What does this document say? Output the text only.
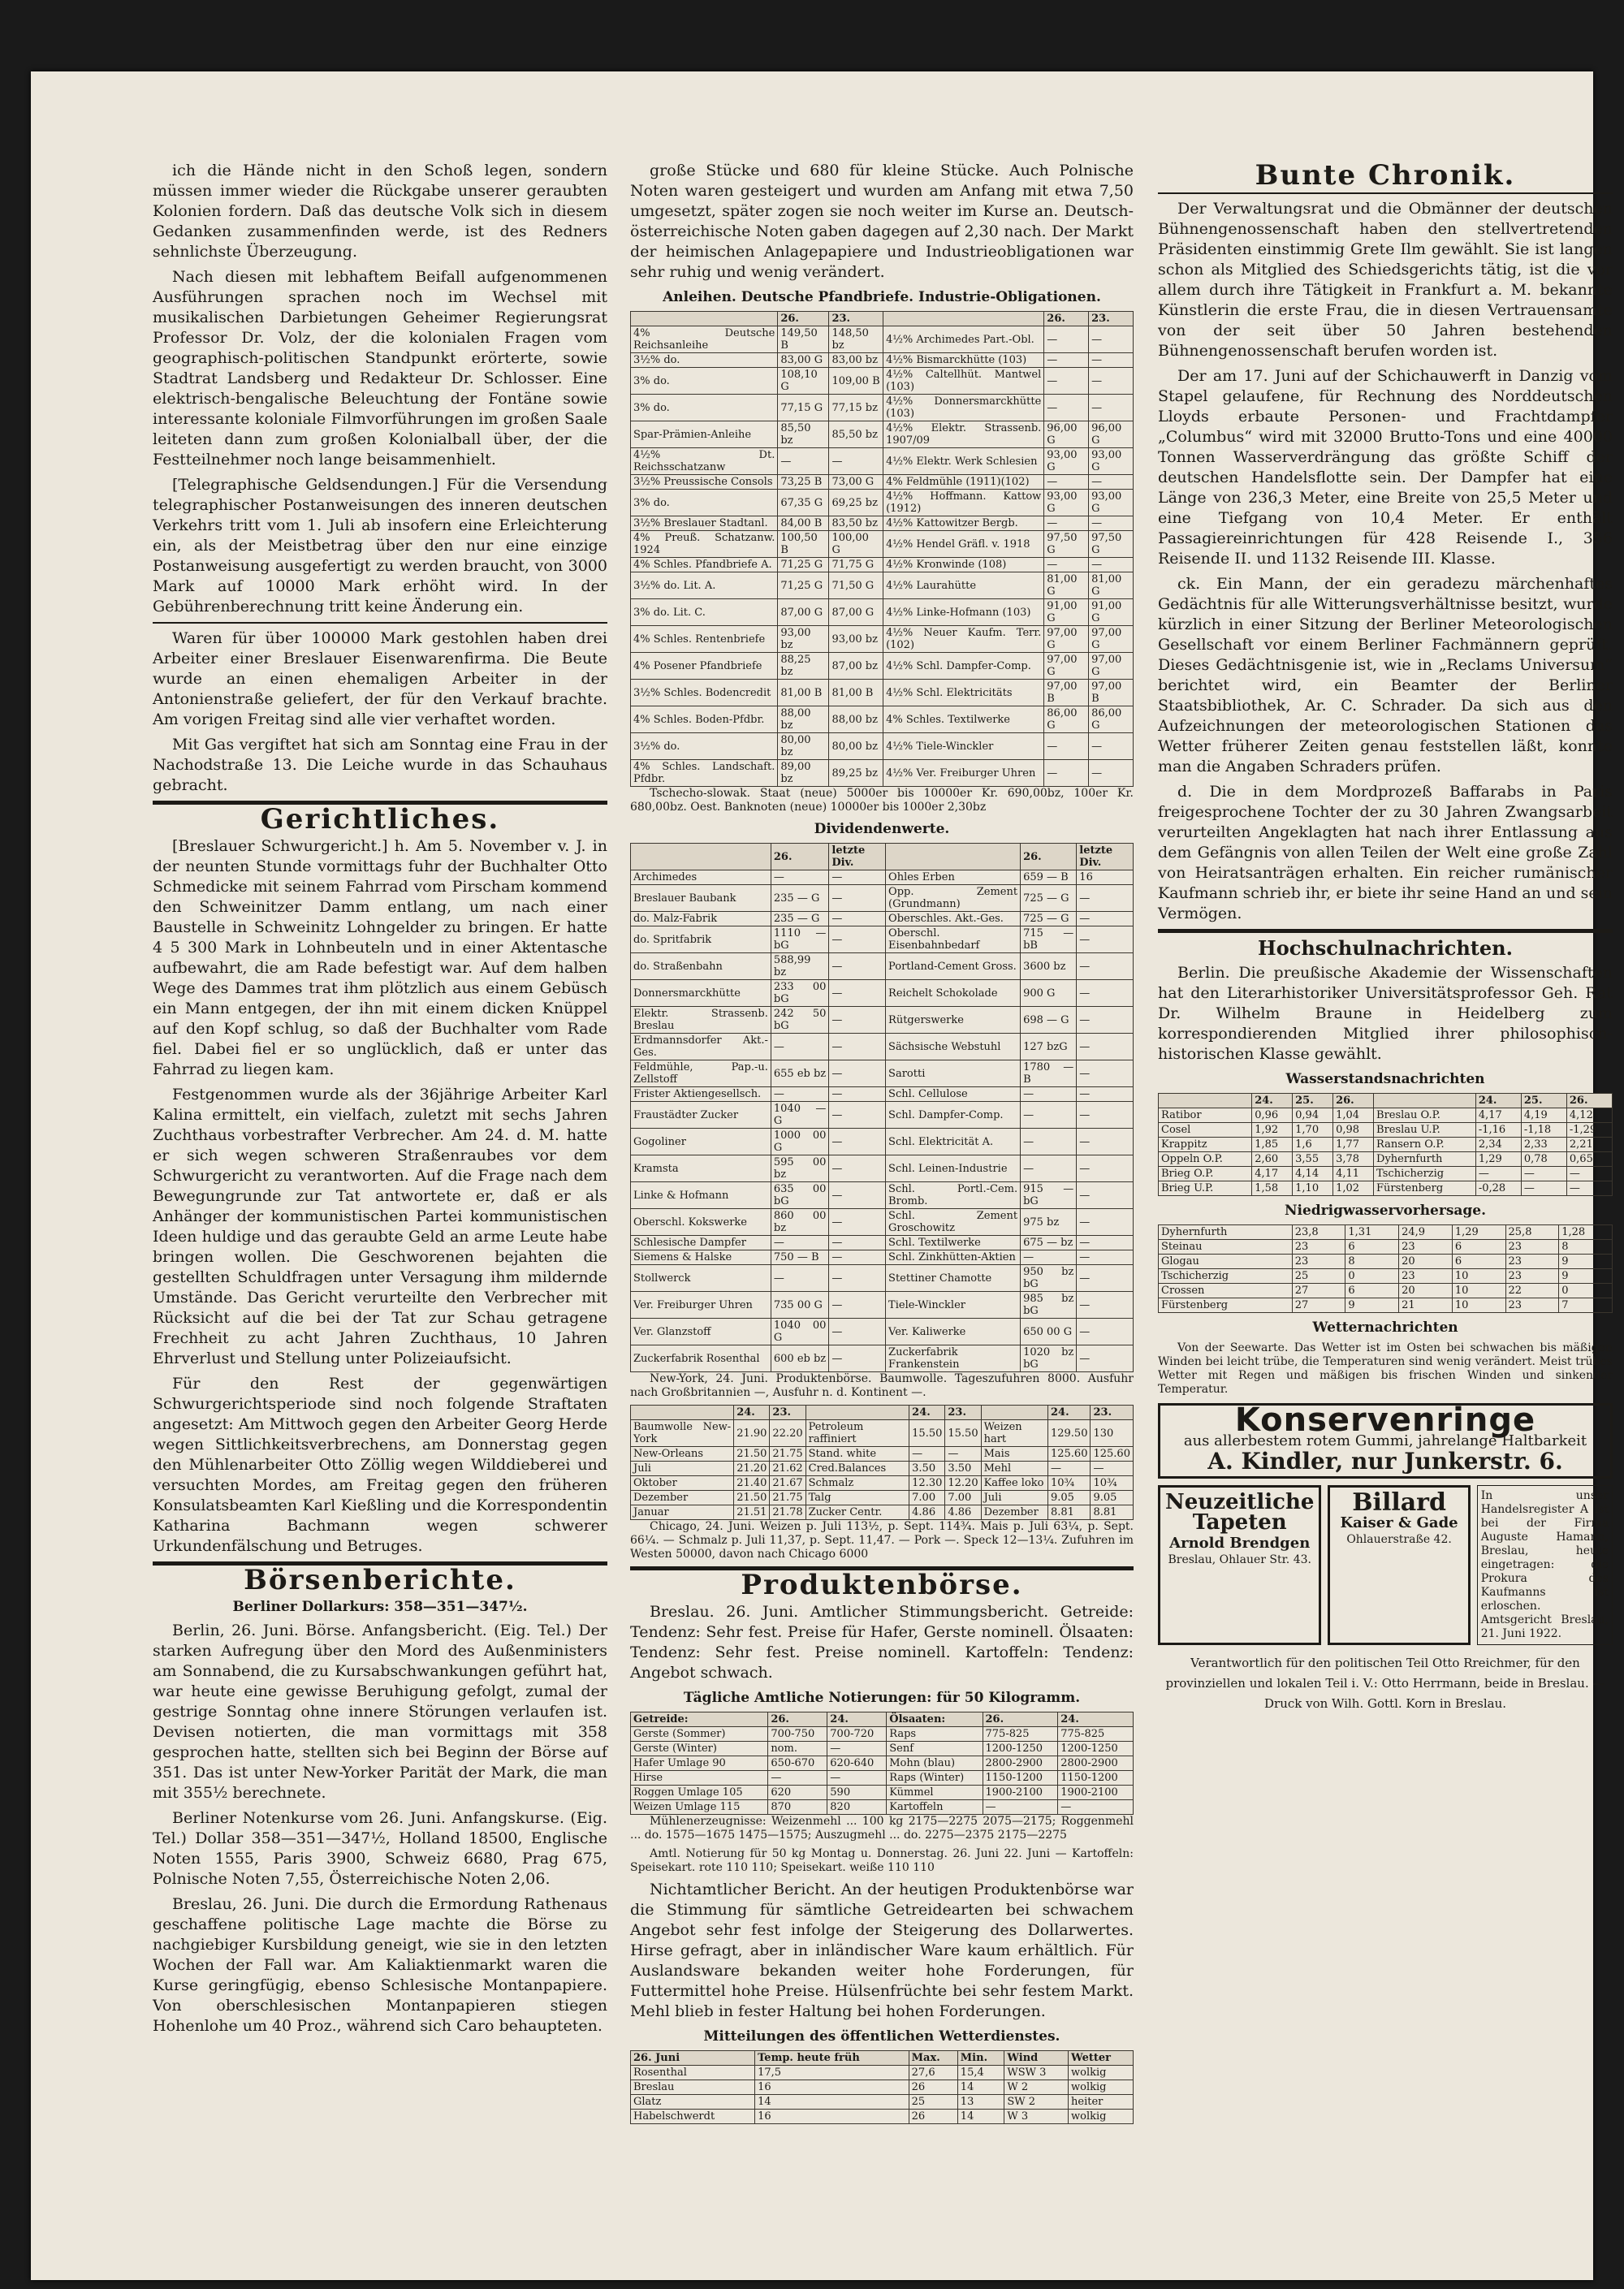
ich die Hände nicht in den Schoß legen, sondern müssen immer wieder die Rückgabe unserer geraubten Kolonien fordern. Daß das deutsche Volk sich in diesem Gedanken zusammenfinden werde, ist des Redners sehnlichste Überzeugung.

Nach diesen mit lebhaftem Beifall aufgenommenen Ausführungen sprachen noch im Wechsel mit musikalischen Darbietungen Geheimer Regierungsrat Professor Dr. Volz, der die kolonialen Fragen vom geographisch-politischen Standpunkt erörterte, sowie Stadtrat Landsberg und Redakteur Dr. Schlosser. Eine elektrisch-bengalische Beleuchtung der Fontäne sowie interessante koloniale Filmvorführungen im großen Saale leiteten dann zum großen Kolonialball über, der die Festteilnehmer noch lange beisammenhielt.

[Telegraphische Geldsendungen.] Für die Versendung telegraphischer Postanweisungen des inneren deutschen Verkehrs tritt vom 1. Juli ab insofern eine Erleichterung ein, als der Meistbetrag über den nur eine einzige Postanweisung ausgefertigt zu werden braucht, von 3000 Mark auf 10000 Mark erhöht wird. In der Gebührenberechnung tritt keine Änderung ein.

Waren für über 100000 Mark gestohlen haben drei Arbeiter einer Breslauer Eisenwarenfirma. Die Beute wurde an einen ehemaligen Arbeiter in der Antonienstraße geliefert, der für den Verkauf brachte. Am vorigen Freitag sind alle vier verhaftet worden.

Mit Gas vergiftet hat sich am Sonntag eine Frau in der Nachodstraße 13. Die Leiche wurde in das Schauhaus gebracht.

Gerichtliches.

[Breslauer Schwurgericht.] h. Am 5. November v. J. in der neunten Stunde vormittags fuhr der Buchhalter Otto Schmedicke mit seinem Fahrrad vom Pirscham kommend den Schweinitzer Damm entlang, um nach einer Baustelle in Schweinitz Lohngelder zu bringen. Er hatte 4 5 300 Mark in Lohnbeuteln und in einer Aktentasche aufbewahrt, die am Rade befestigt war. Auf dem halben Wege des Dammes trat ihm plötzlich aus einem Gebüsch ein Mann entgegen, der ihn mit einem dicken Knüppel auf den Kopf schlug, so daß der Buchhalter vom Rade fiel. Dabei fiel er so unglücklich, daß er unter das Fahrrad zu liegen kam.

Festgenommen wurde als der 36jährige Arbeiter Karl Kalina ermittelt, ein vielfach, zuletzt mit sechs Jahren Zuchthaus vorbestrafter Verbrecher. Am 24. d. M. hatte er sich wegen schweren Straßenraubes vor dem Schwurgericht zu verantworten. Auf die Frage nach dem Bewegungrunde zur Tat antwortete er, daß er als Anhänger der kommunistischen Partei kommunistischen Ideen huldige und das geraubte Geld an arme Leute habe bringen wollen. Die Geschworenen bejahten die gestellten Schuldfragen unter Versagung ihm mildernde Umstände. Das Gericht verurteilte den Verbrecher mit Rücksicht auf die bei der Tat zur Schau getragene Frechheit zu acht Jahren Zuchthaus, 10 Jahren Ehrverlust und Stellung unter Polizeiaufsicht.

Für den Rest der gegenwärtigen Schwurgerichtsperiode sind noch folgende Straftaten angesetzt: Am Mittwoch gegen den Arbeiter Georg Herde wegen Sittlichkeitsverbrechens, am Donnerstag gegen den Mühlenarbeiter Otto Zöllig wegen Wilddieberei und versuchten Mordes, am Freitag gegen den früheren Konsulatsbeamten Karl Kießling und die Korrespondentin Katharina Bachmann wegen schwerer Urkundenfälschung und Betruges.

Börsenberichte.
Berliner Dollarkurs: 358—351—347½.

Berlin, 26. Juni. Börse. Anfangsbericht. (Eig. Tel.) Der starken Aufregung über den Mord des Außenministers am Sonnabend, die zu Kursabschwankungen geführt hat, war heute eine gewisse Beruhigung gefolgt, zumal der gestrige Sonntag ohne innere Störungen verlaufen ist. Devisen notierten, die man vormittags mit 358 gesprochen hatte, stellten sich bei Beginn der Börse auf 351. Das ist unter New-Yorker Parität der Mark, die man mit 355½ berechnete.

Berliner Notenkurse vom 26. Juni. Anfangskurse. (Eig. Tel.) Dollar 358—351—347½, Holland 18500, Englische Noten 1555, Paris 3900, Schweiz 6680, Prag 675, Polnische Noten 7,55, Österreichische Noten 2,06.

Breslau, 26. Juni. Die durch die Ermordung Rathenaus geschaffene politische Lage machte die Börse zu nachgiebiger Kursbildung geneigt, wie sie in den letzten Wochen der Fall war. Am Kaliaktienmarkt waren die Kurse geringfügig, ebenso Schlesische Montanpapiere. Von oberschlesischen Montanpapieren stiegen Hohenlohe um 40 Proz., während sich Caro behaupteten.

große Stücke und 680 für kleine Stücke. Auch Polnische Noten waren gesteigert und wurden am Anfang mit etwa 7,50 umgesetzt, später zogen sie noch weiter im Kurse an. Deutsch-österreichische Noten gaben dagegen auf 2,30 nach. Der Markt der heimischen Anlagepapiere und Industrieobligationen war sehr ruhig und wenig verändert.

Anleihen. Deutsche Pfandbriefe. Industrie-Obligationen.
	26.	23.		26.	23.
4% Deutsche Reichsanleihe	149,50 B	148,50 bz	4½% Archimedes Part.-Obl.	—	—
3½% do.	83,00 G	83,00 bz	4½% Bismarckhütte (103)	—	—
3% do.	108,10 G	109,00 B	4½% Caltellhüt. Mantwel (103)	—	—
3% do.	77,15 G	77,15 bz	4½% Donnersmarckhütte (103)	—	—
Spar-Prämien-Anleihe	85,50 bz	85,50 bz	4½% Elektr. Strassenb. 1907/09	96,00 G	96,00 G
4½% Dt. Reichsschatzanw	—	—	4½% Elektr. Werk Schlesien	93,00 G	93,00 G
3½% Preussische Consols	73,25 B	73,00 G	4% Feldmühle (1911)(102)	—	—
3% do.	67,35 G	69,25 bz	4½% Hoffmann. Kattow (1912)	93,00 G	93,00 G
3½% Breslauer Stadtanl.	84,00 B	83,50 bz	4½% Kattowitzer Bergb.	—	—
4% Preuß. Schatzanw. 1924	100,50 B	100,00 G	4½% Hendel Gräfl. v. 1918	97,50 G	97,50 G
4% Schles. Pfandbriefe A.	71,25 G	71,75 G	4½% Kronwinde (108)	—	—
3½% do. Lit. A.	71,25 G	71,50 G	4½% Laurahütte	81,00 G	81,00 G
3% do. Lit. C.	87,00 G	87,00 G	4½% Linke-Hofmann (103)	91,00 G	91,00 G
4% Schles. Rentenbriefe	93,00 bz	93,00 bz	4½% Neuer Kaufm. Terr. (102)	97,00 G	97,00 G
4% Posener Pfandbriefe	88,25 bz	87,00 bz	4½% Schl. Dampfer-Comp.	97,00 G	97,00 G
3½% Schles. Bodencredit	81,00 B	81,00 B	4½% Schl. Elektricitäts	97,00 B	97,00 B
4% Schles. Boden-Pfdbr.	88,00 bz	88,00 bz	4% Schles. Textilwerke	86,00 G	86,00 G
3½% do.	80,00 bz	80,00 bz	4½% Tiele-Winckler	—	—
4% Schles. Landschaft. Pfdbr.	89,00 bz	89,25 bz	4½% Ver. Freiburger Uhren	—	—

Tschecho-slowak. Staat (neue) 5000er bis 10000er Kr. 690,00bz, 100er Kr. 680,00bz. Oest. Banknoten (neue) 10000er bis 1000er 2,30bz

Dividendenwerte.
	26.	letzte Div.		26.	letzte Div.
Archimedes	—	—	Ohles Erben	659 — B	16
Breslauer Baubank	235 — G	—	Opp. Zement (Grundmann)	725 — G	—
do. Malz-Fabrik	235 — G	—	Oberschles. Akt.-Ges.	725 — G	—
do. Spritfabrik	1110 — bG	—	Oberschl. Eisenbahnbedarf	715 — bB	—
do. Straßenbahn	588,99 bz	—	Portland-Cement Gross.	3600 bz	—
Donnersmarckhütte	233 00 bG	—	Reichelt Schokolade	900 G	—
Elektr. Strassenb. Breslau	242 50 bG	—	Rütgerswerke	698 — G	—
Erdmannsdorfer Akt.-Ges.	—	—	Sächsische Webstuhl	127 bzG	—
Feldmühle, Pap.-u. Zellstoff	655 eb bz	—	Sarotti	1780 — B	—
Frister Aktiengesellsch.	—	—	Schl. Cellulose	—	—
Fraustädter Zucker	1040 — G	—	Schl. Dampfer-Comp.	—	—
Gogoliner	1000 00 G	—	Schl. Elektricität A.	—	—
Kramsta	595 00 bz	—	Schl. Leinen-Industrie	—	—
Linke & Hofmann	635 00 bG	—	Schl. Portl.-Cem. Bromb.	915 — bG	—
Oberschl. Kokswerke	860 00 bz	—	Schl. Zement Groschowitz	975 bz	—
Schlesische Dampfer	—	—	Schl. Textilwerke	675 — bz	—
Siemens & Halske	750 — B	—	Schl. Zinkhütten-Aktien	—	—
Stollwerck	—	—	Stettiner Chamotte	950 bz bG	—
Ver. Freiburger Uhren	735 00 G	—	Tiele-Winckler	985 bz bG	—
Ver. Glanzstoff	1040 00 G	—	Ver. Kaliwerke	650 00 G	—
Zuckerfabrik Rosenthal	600 eb bz	—	Zuckerfabrik Frankenstein	1020 bz bG	—

New-York, 24. Juni. Produktenbörse. Baumwolle. Tageszufuhren 8000. Ausfuhr nach Großbritannien —, Ausfuhr n. d. Kontinent —.

	24.	23.		24.	23.		24.	23.
Baumwolle New-York	21.90	22.20	Petroleum raffiniert	15.50	15.50	Weizen hart	129.50	130
New-Orleans	21.50	21.75	Stand. white	—	—	Mais	125.60	125.60
Juli	21.20	21.62	Cred.Balances	3.50	3.50	Mehl	—	—
Oktober	21.40	21.67	Schmalz	12.30	12.20	Kaffee loko	10¾	10¾
Dezember	21.50	21.75	Talg	7.00	7.00	Juli	9.05	9.05
Januar	21.51	21.78	Zucker Centr.	4.86	4.86	Dezember	8.81	8.81

Chicago, 24. Juni. Weizen p. Juli 113½, p. Sept. 114¾. Mais p. Juli 63¼, p. Sept. 66¼. — Schmalz p. Juli 11,37, p. Sept. 11,47. — Pork —. Speck 12—13¼. Zufuhren im Westen 50000, davon nach Chicago 6000

Produktenbörse.

Breslau. 26. Juni. Amtlicher Stimmungsbericht. Getreide: Tendenz: Sehr fest. Preise für Hafer, Gerste nominell. Ölsaaten: Tendenz: Sehr fest. Preise nominell. Kartoffeln: Tendenz: Angebot schwach.

Tägliche Amtliche Notierungen: für 50 Kilogramm.
Getreide:	26.	24.	Ölsaaten:	26.	24.
Gerste (Sommer)	700-750	700-720	Raps	775-825	775-825
Gerste (Winter)	nom.	—	Senf	1200-1250	1200-1250
Hafer Umlage 90	650-670	620-640	Mohn (blau)	2800-2900	2800-2900
Hirse	—	—	Raps (Winter)	1150-1200	1150-1200
Roggen Umlage 105	620	590	Kümmel	1900-2100	1900-2100
Weizen Umlage 115	870	820	Kartoffeln	—	—

Mühlenerzeugnisse: Weizenmehl ... 100 kg 2175—2275 2075—2175; Roggenmehl ... do. 1575—1675 1475—1575; Auszugmehl ... do. 2275—2375 2175—2275

Amtl. Notierung für 50 kg Montag u. Donnerstag. 26. Juni 22. Juni — Kartoffeln: Speisekart. rote 110 110; Speisekart. weiße 110 110

Nichtamtlicher Bericht. An der heutigen Produktenbörse war die Stimmung für sämtliche Getreidearten bei schwachem Angebot sehr fest infolge der Steigerung des Dollarwertes. Hirse gefragt, aber in inländischer Ware kaum erhältlich. Für Auslandsware bekanden weiter hohe Forderungen, für Futtermittel hohe Preise. Hülsenfrüchte bei sehr festem Markt. Mehl blieb in fester Haltung bei hohen Forderungen.

Mitteilungen des öffentlichen Wetterdienstes.
26. Juni	Temp. heute früh	Max.	Min.	Wind	Wetter
Rosenthal	17,5	27,6	15,4	WSW 3	wolkig
Breslau	16	26	14	W 2	wolkig
Glatz	14	25	13	SW 2	heiter
Habelschwerdt	16	26	14	W 3	wolkig
Bunte Chronik.

Der Verwaltungsrat und die Obmänner der deutschen Bühnengenossenschaft haben den stellvertretenden Präsidenten einstimmig Grete Ilm gewählt. Sie ist langen schon als Mitglied des Schiedsgerichts tätig, ist die vor allem durch ihre Tätigkeit in Frankfurt a. M. bekannte Künstlerin die erste Frau, die in diesen Vertrauensamte von der seit über 50 Jahren bestehenden Bühnengenossenschaft berufen worden ist.

Der am 17. Juni auf der Schichauwerft in Danzig vom Stapel gelaufene, für Rechnung des Norddeutschen Lloyds erbaute Personen- und Frachtdampfer „Columbus“ wird mit 32000 Brutto-Tons und eine 40000 Tonnen Wasserverdrängung das größte Schiff der deutschen Handelsflotte sein. Der Dampfer hat eine Länge von 236,3 Meter, eine Breite von 25,5 Meter und eine Tiefgang von 10,4 Meter. Er enthält Passagiereinrichtungen für 428 Reisende I., 356 Reisende II. und 1132 Reisende III. Klasse.

ck. Ein Mann, der ein geradezu märchenhaftes Gedächtnis für alle Witterungsverhältnisse besitzt, wurde kürzlich in einer Sitzung der Berliner Meteorologischen Gesellschaft vor einem Berliner Fachmännern geprüft. Dieses Gedächtnisgenie ist, wie in „Reclams Universum“ berichtet wird, ein Beamter der Berliner Staatsbibliothek, Ar. C. Schrader. Da sich aus den Aufzeichnungen der meteorologischen Stationen das Wetter früherer Zeiten genau feststellen läßt, konnte man die Angaben Schraders prüfen.

d. Die in dem Mordprozeß Baffarabs in Paris freigesprochene Tochter der zu 30 Jahren Zwangsarbeit verurteilten Angeklagten hat nach ihrer Entlassung aus dem Gefängnis von allen Teilen der Welt eine große Zahl von Heiratsanträgen erhalten. Ein reicher rumänischer Kaufmann schrieb ihr, er biete ihr seine Hand an und sein Vermögen.

Hochschulnachrichten.

Berlin. Die preußische Akademie der Wissenschaften hat den Literarhistoriker Universitätsprofessor Geh. Rat Dr. Wilhelm Braune in Heidelberg zum korrespondierenden Mitglied ihrer philosophisch-historischen Klasse gewählt.

Wasserstandsnachrichten
	24.	25.	26.		24.	25.	26.
Ratibor	0,96	0,94	1,04	Breslau O.P.	4,17	4,19	4,12
Cosel	1,92	1,70	0,98	Breslau U.P.	-1,16	-1,18	-1,29
Krappitz	1,85	1,6	1,77	Ransern O.P.	2,34	2,33	2,21
Oppeln O.P.	2,60	3,55	3,78	Dyhernfurth	1,29	0,78	0,65
Brieg O.P.	4,17	4,14	4,11	Tschicherzig	—	—	—
Brieg U.P.	1,58	1,10	1,02	Fürstenberg	-0,28	—	—
Niedrigwasservorhersage.
Dyhernfurth	23,8	1,31	24,9	1,29	25,8	1,28
Steinau	23	6	23	6	23	8
Glogau	23	8	20	6	23	9
Tschicherzig	25	0	23	10	23	9
Crossen	27	6	20	10	22	0
Fürstenberg	27	9	21	10	23	7
Wetternachrichten

Von der Seewarte. Das Wetter ist im Osten bei schwachen bis mäßigen Winden bei leicht trübe, die Temperaturen sind wenig verändert. Meist trübes Wetter mit Regen und mäßigen bis frischen Winden und sinkender Temperatur.

Konservenringe
aus allerbestem rotem Gummi, jahrelange Haltbarkeit
A. Kindler, nur Junkerstr. 6.
Neuzeitliche Tapeten
Arnold Brendgen
Breslau, Ohlauer Str. 43.
Billard
Kaiser & Gade
Ohlauerstraße 42.
In unser Handelsregister A ist bei der Firma Auguste Hamann, Breslau, heute eingetragen: die Prokura des Kaufmanns ist erloschen. Amtsgericht Breslau, 21. Juni 1922.
Verantwortlich für den politischen Teil Otto Rreichmer, für den provinziellen und lokalen Teil i. V.: Otto Herrmann, beide in Breslau. — Druck von Wilh. Gottl. Korn in Breslau.
